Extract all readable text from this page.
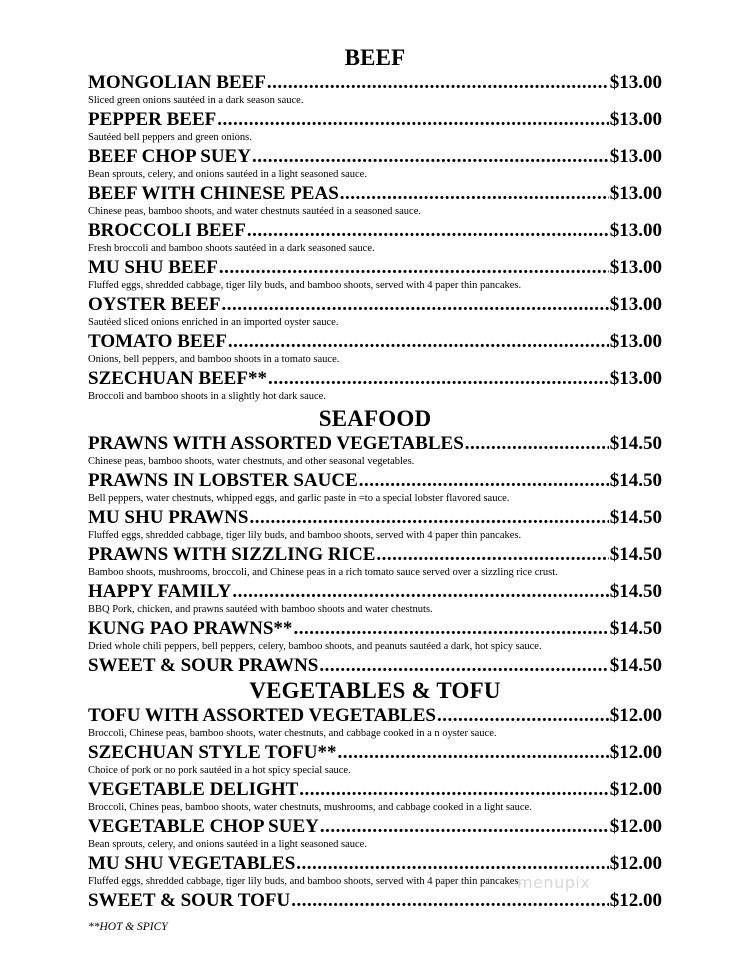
BEEF
MONGOLIAN BEEF .....	$13.00
Sliced green onions sautéed in a dark season sauce.
PEPPER BEEF .....	$13.00
Sautéed bell peppers and green onions.
BEEF CHOP SUEY .....	$13.00
Bean sprouts, celery, and onions sautéed in a light seasoned sauce.
BEEF WITH CHINESE PEAS .....	$13.00
Chinese peas, bamboo shoots, and water chestnuts sautéed in a seasoned sauce.
BROCCOLI BEEF .....	$13.00
Fresh broccoli and bamboo shoots sautéed in a dark seasoned sauce.
MU SHU BEEF .....	$13.00
Fluffed eggs, shredded cabbage, tiger lily buds, and bamboo shoots, served with 4 paper thin pancakes.
OYSTER BEEF .....	$13.00
Sautéed sliced onions enriched in an imported oyster sauce.
TOMATO BEEF .....	$13.00
Onions, bell peppers, and bamboo shoots in a tomato sauce.
SZECHUAN BEEF** .....	$13.00
Broccoli and bamboo shoots in a slightly hot dark sauce.
SEAFOOD
PRAWNS WITH ASSORTED VEGETABLES .....	$14.50
Chinese peas, bamboo shoots, water chestnuts, and other seasonal vegetables.
PRAWNS IN LOBSTER SAUCE .....	$14.50
Bell peppers, water chestnuts, whipped eggs, and garlic paste in =to a special lobster flavored sauce.
MU SHU PRAWNS .....	$14.50
Fluffed eggs, shredded cabbage, tiger lily buds, and bamboo shoots, served with 4 paper thin pancakes.
PRAWNS WITH SIZZLING RICE .....	$14.50
Bamboo shoots, mushrooms, broccoli, and Chinese peas in a rich tomato sauce served over a sizzling rice crust.
HAPPY FAMILY .....	$14.50
BBQ Pork, chicken, and prawns sautéed with bamboo shoots and water chestnuts.
KUNG PAO PRAWNS** .....	$14.50
Dried whole chili peppers, bell peppers, celery, bamboo shoots, and peanuts sautéed a dark, hot spicy sauce.
SWEET & SOUR PRAWNS .....	$14.50
VEGETABLES & TOFU
TOFU WITH ASSORTED VEGETABLES .....	$12.00
Broccoli, Chinese peas, bamboo shoots, water chestnuts, and cabbage cooked in a n oyster sauce.
SZECHUAN STYLE TOFU** .....	$12.00
Choice of pork or no pork sautéed in a hot spicy special sauce.
VEGETABLE DELIGHT .....	$12.00
Broccoli, Chines peas, bamboo shoots, water chestnuts, mushrooms, and cabbage cooked in a light sauce.
VEGETABLE CHOP SUEY .....	$12.00
Bean sprouts, celery, and onions sautéed in a light seasoned sauce.
MU SHU VEGETABLES .....	$12.00
Fluffed eggs, shredded cabbage, tiger lily buds, and bamboo shoots, served with 4 paper thin pancakes.
SWEET & SOUR TOFU .....	$12.00
menupix
**HOT & SPICY
